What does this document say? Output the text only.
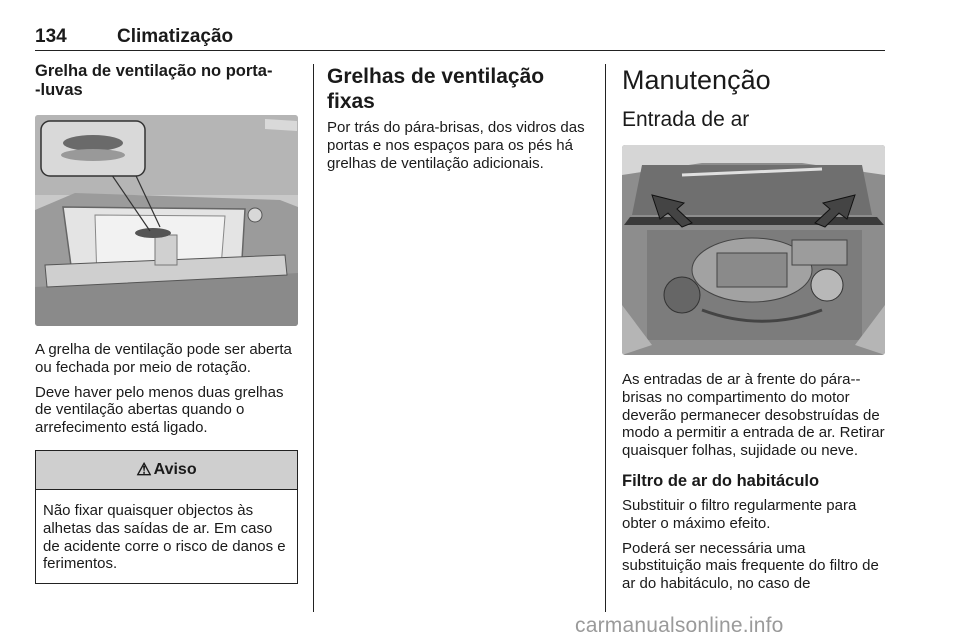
134	Climatização
Grelha de ventilação no porta-
-luvas

A grelha de ventilação pode ser aberta ou fechada por meio de rotação.

Deve haver pelo menos duas grelhas de ventilação abertas quando o arrefecimento está ligado.

⚠ Aviso

Não fixar quaisquer objectos às alhetas das saídas de ar. Em caso de acidente corre o risco de danos e ferimentos.

Grelhas de ventilação fixas

Por trás do pára-brisas, dos vidros das portas e nos espaços para os pés há grelhas de ventilação adicionais.

Manutenção
Entrada de ar

As entradas de ar à frente do pára--brisas no compartimento do motor deverão permanecer desobstruídas de modo a permitir a entrada de ar. Retirar quaisquer folhas, sujidade ou neve.

Filtro de ar do habitáculo

Substituir o filtro regularmente para obter o máximo efeito.

Poderá ser necessária uma substituição mais frequente do filtro de ar do habitáculo, no caso de

carmanualsonline.info
